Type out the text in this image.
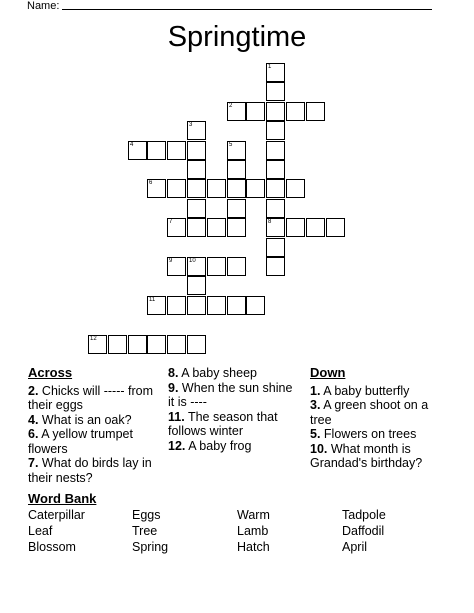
Name:
Springtime
1
8
2
3
4	5
6
7
9	10
11
12
Across
2. Chicks will ----- from their eggs
4. What is an oak?
6. A yellow trumpet flowers
7. What do birds lay in their nests?
8. A baby sheep
9. When the sun shine it is ----
11. The season that follows winter
12. A baby frog
Down
1. A baby butterfly
3. A green shoot on a tree
5. Flowers on trees
10. What month is Grandad's birthday?
Word Bank
Caterpillar	Eggs	Warm	Tadpole
Leaf	Tree	Lamb	Daffodil
Blossom	Spring	Hatch	April
